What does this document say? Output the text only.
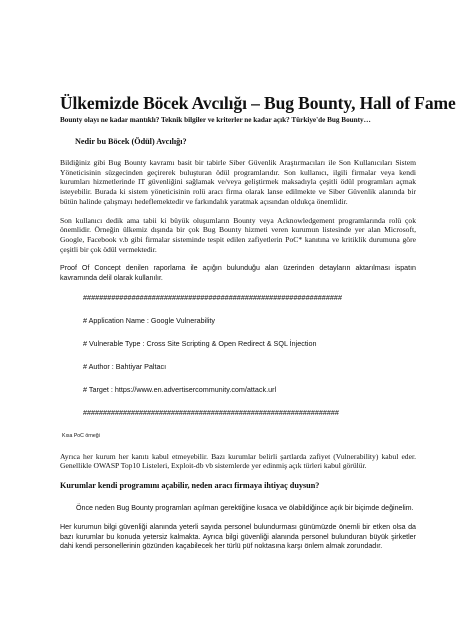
Ülkemizde Böcek Avcılığı – Bug Bounty, Hall of Fame
Bounty olayı ne kadar mantıklı? Teknik bilgiler ve kriterler ne kadar açık? Türkiye'de Bug Bounty…
Nedir bu Böcek (Ödül) Avcılığı?

Bildiğiniz gibi Bug Bounty kavramı basit bir tabirle Siber Güvenlik Araştırmacıları ile Son Kullanıcıları Sistem Yöneticisinin süzgecinden geçirerek buluşturan ödül programlarıdır. Son kullanıcı, ilgili firmalar veya kendi kurumları hizmetlerinde IT güvenliğini sağlamak ve/veya geliştirmek maksadıyla çeşitli ödül programları açmak isteyebilir. Burada ki sistem yöneticisinin rolü aracı firma olarak lanse edilmekte ve Siber Güvenlik alanında bir bütün halinde çalışmayı hedeflemektedir ve farkındalık yaratmak açısından oldukça önemlidir.

Son kullanıcı dedik ama tabii ki büyük oluşumların Bounty veya Acknowledgement programlarında rolü çok önemlidir. Örneğin ülkemiz dışında bir çok Bug Bounty hizmeti veren kurumun listesinde yer alan Microsoft, Google, Facebook v.b gibi firmalar sisteminde tespit edilen zafiyetlerin PoC* kanıtına ve kritiklik durumuna göre çeşitli bir çok ödül vermektedir.

Proof Of Concept denilen raporlama ile açığın bulunduğu alan üzerinden detayların aktarılması ispatın kavramında delil olarak kullanılır.

################################################################
# Application Name : Google Vulnerability
# Vulnerable Type : Cross Site Scripting & Open Redirect & SQL İnjection
# Author : Bahtiyar Paltacı
# Target : https://www.en.advertisercommunity.com/attack.url
################################################################
Kısa PoC örneği

Ayrıca her kurum her kanıtı kabul etmeyebilir. Bazı kurumlar belirli şartlarda zafiyet (Vulnerability) kabul eder. Genellikle OWASP Top10 Listeleri, Exploit-db vb sistemlerde yer edinmiş açık türleri kabul görülür.

Kurumlar kendi programını açabilir, neden aracı firmaya ihtiyaç duysun?

Önce neden Bug Bounty programları açılman gerektiğine kısaca ve ölabildiğince açık bir biçimde değinelim.

Her kurumun bilgi güvenliği alanında yeterli sayıda personel bulundurması günümüzde önemli bir etken olsa da bazı kurumlar bu konuda yetersiz kalmakta. Ayrıca bilgi güvenliği alanında personel bulunduran büyük şirketler dahi kendi personellerinin gözünden kaçabilecek her türlü püf noktasına karşı önlem almak zorundadır.
